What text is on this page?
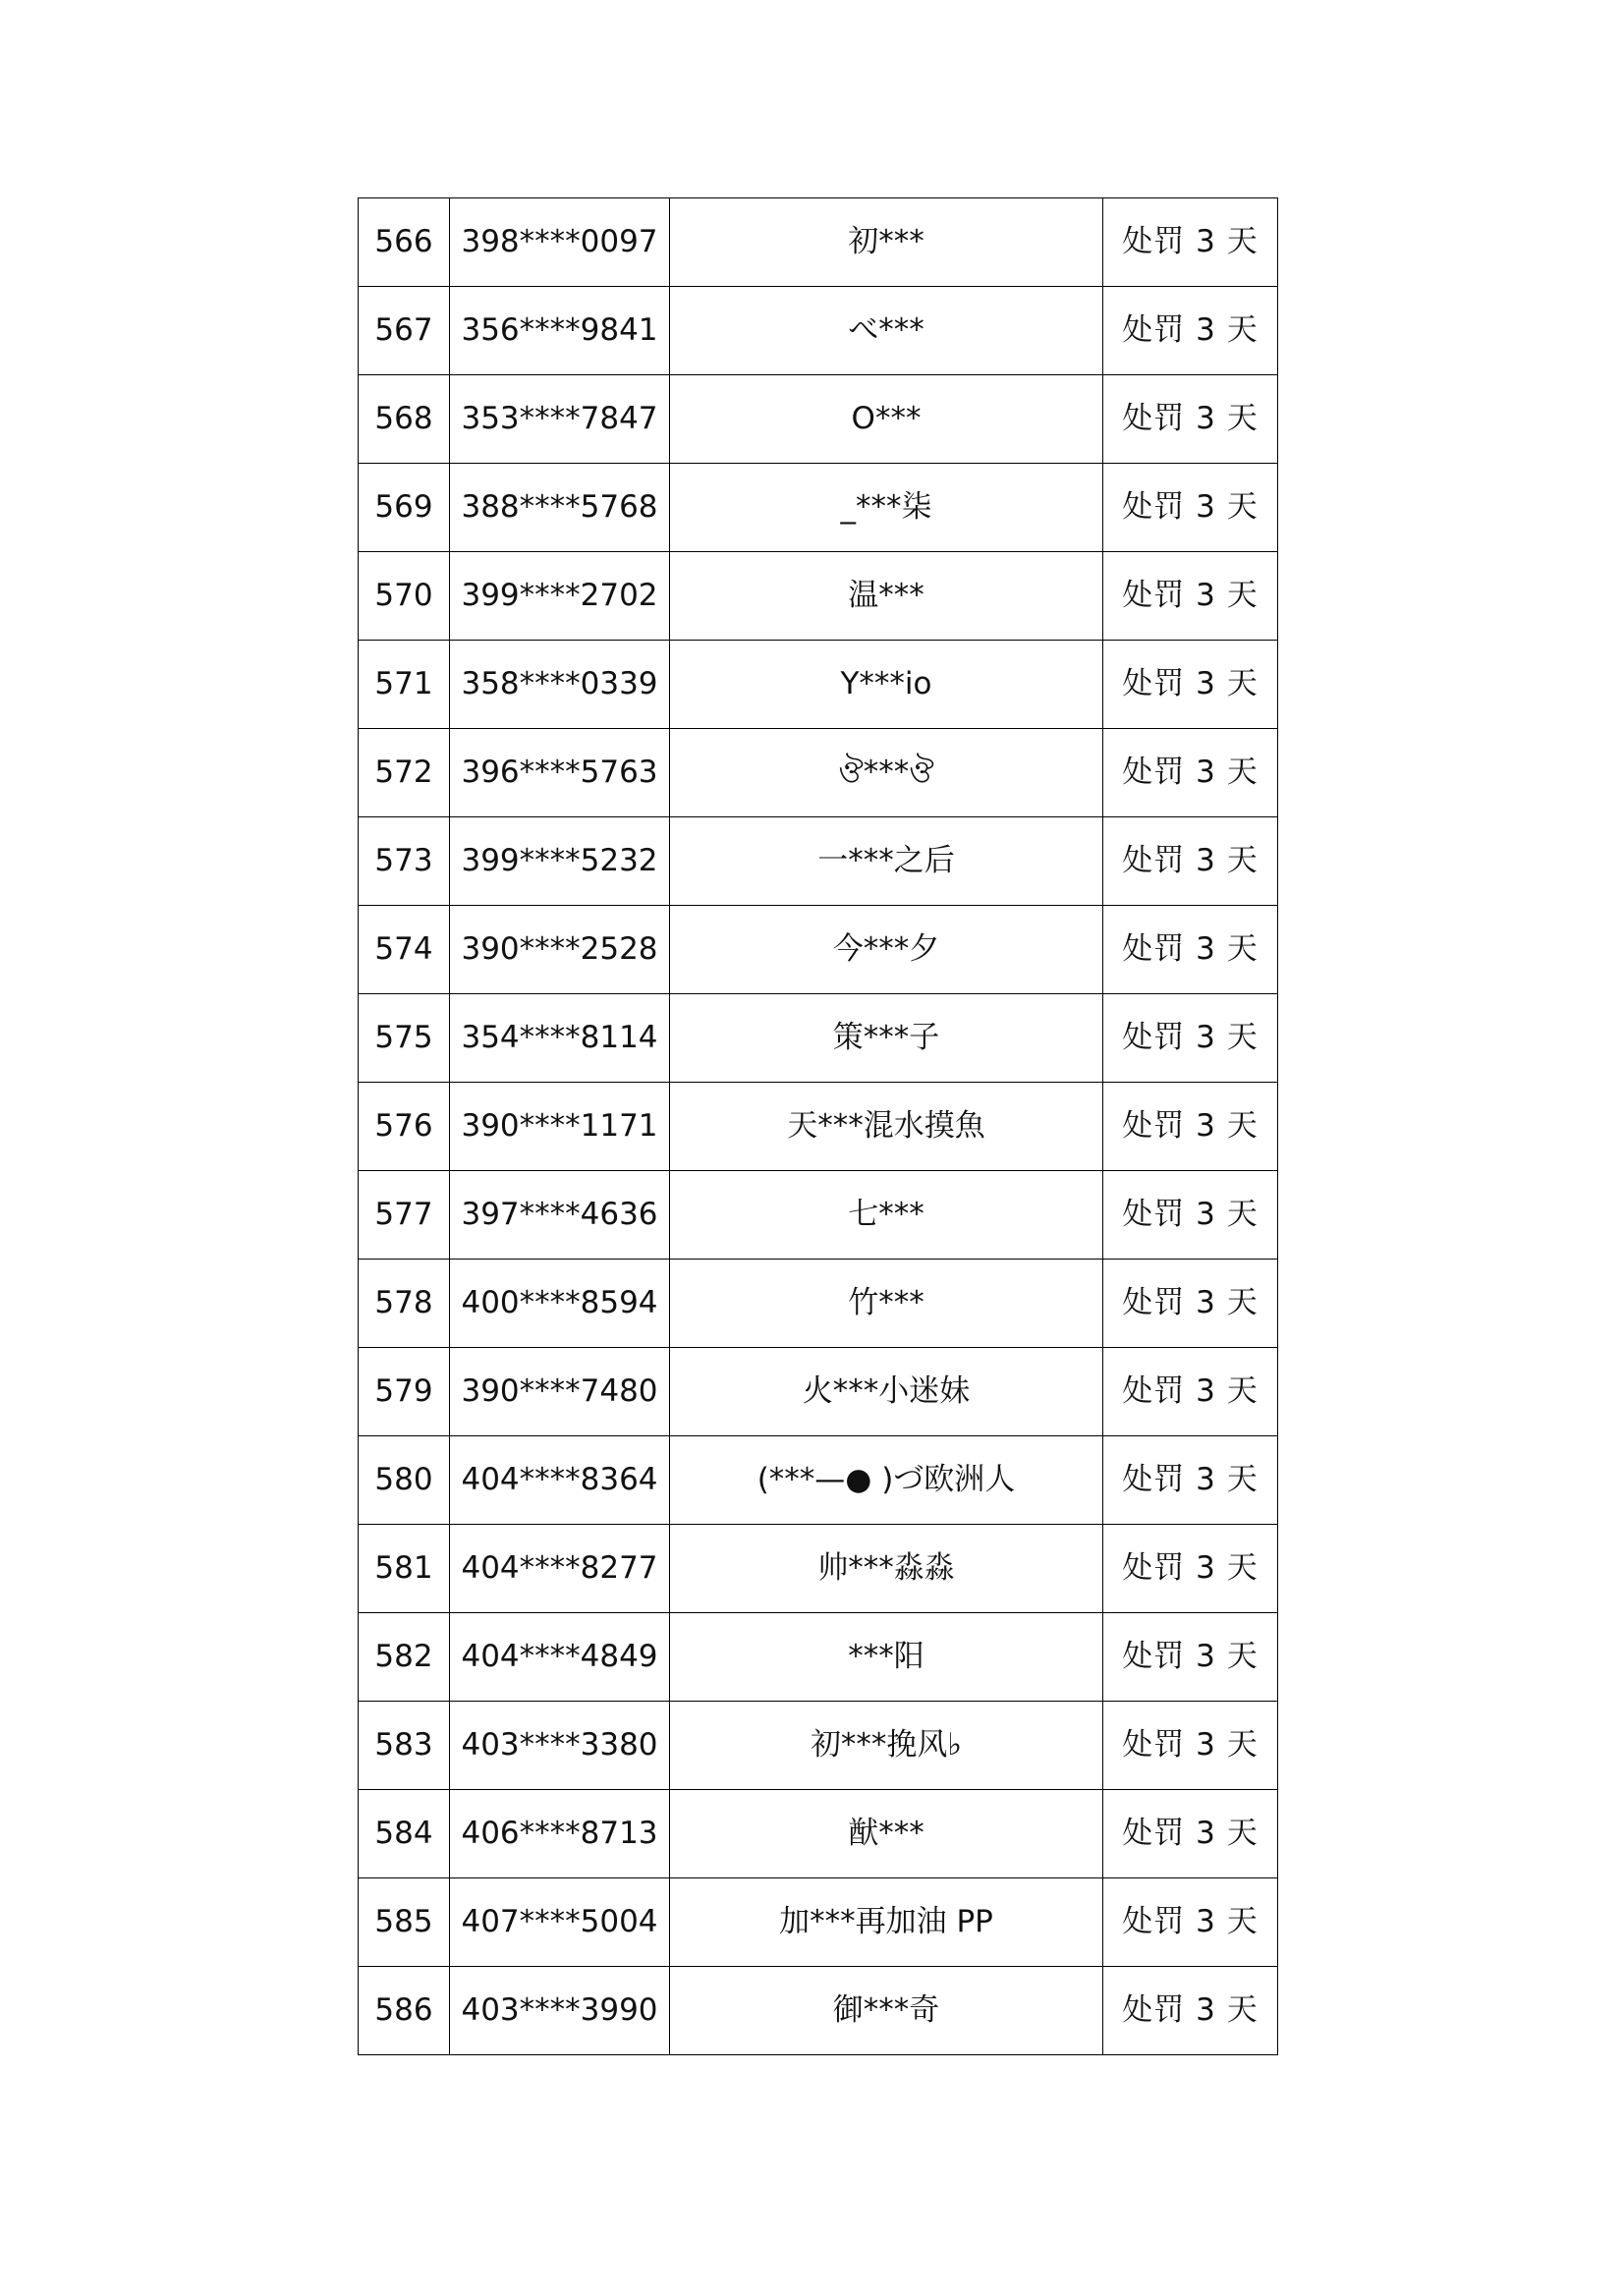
566	398****0097	初***	处罚 3 天
567	356****9841	べ***	处罚 3 天
568	353****7847	O***	处罚 3 天
569	388****5768	_***柒	处罚 3 天
570	399****2702	温***	处罚 3 天
571	358****0339	Y***io	处罚 3 天
572	396****5763	ঔ***ঔ	处罚 3 天
573	399****5232	一***之后	处罚 3 天
574	390****2528	今***夕	处罚 3 天
575	354****8114	策***子	处罚 3 天
576	390****1171	天***混水摸魚	处罚 3 天
577	397****4636	七***	处罚 3 天
578	400****8594	竹***	处罚 3 天
579	390****7480	火***小迷妹	处罚 3 天
580	404****8364	(***—● )づ欧洲人	处罚 3 天
581	404****8277	帅***淼淼	处罚 3 天
582	404****4849	***阳	处罚 3 天
583	403****3380	初***挽风♭	处罚 3 天
584	406****8713	猷***	处罚 3 天
585	407****5004	加***再加油 PP	处罚 3 天
586	403****3990	御***奇	处罚 3 天
